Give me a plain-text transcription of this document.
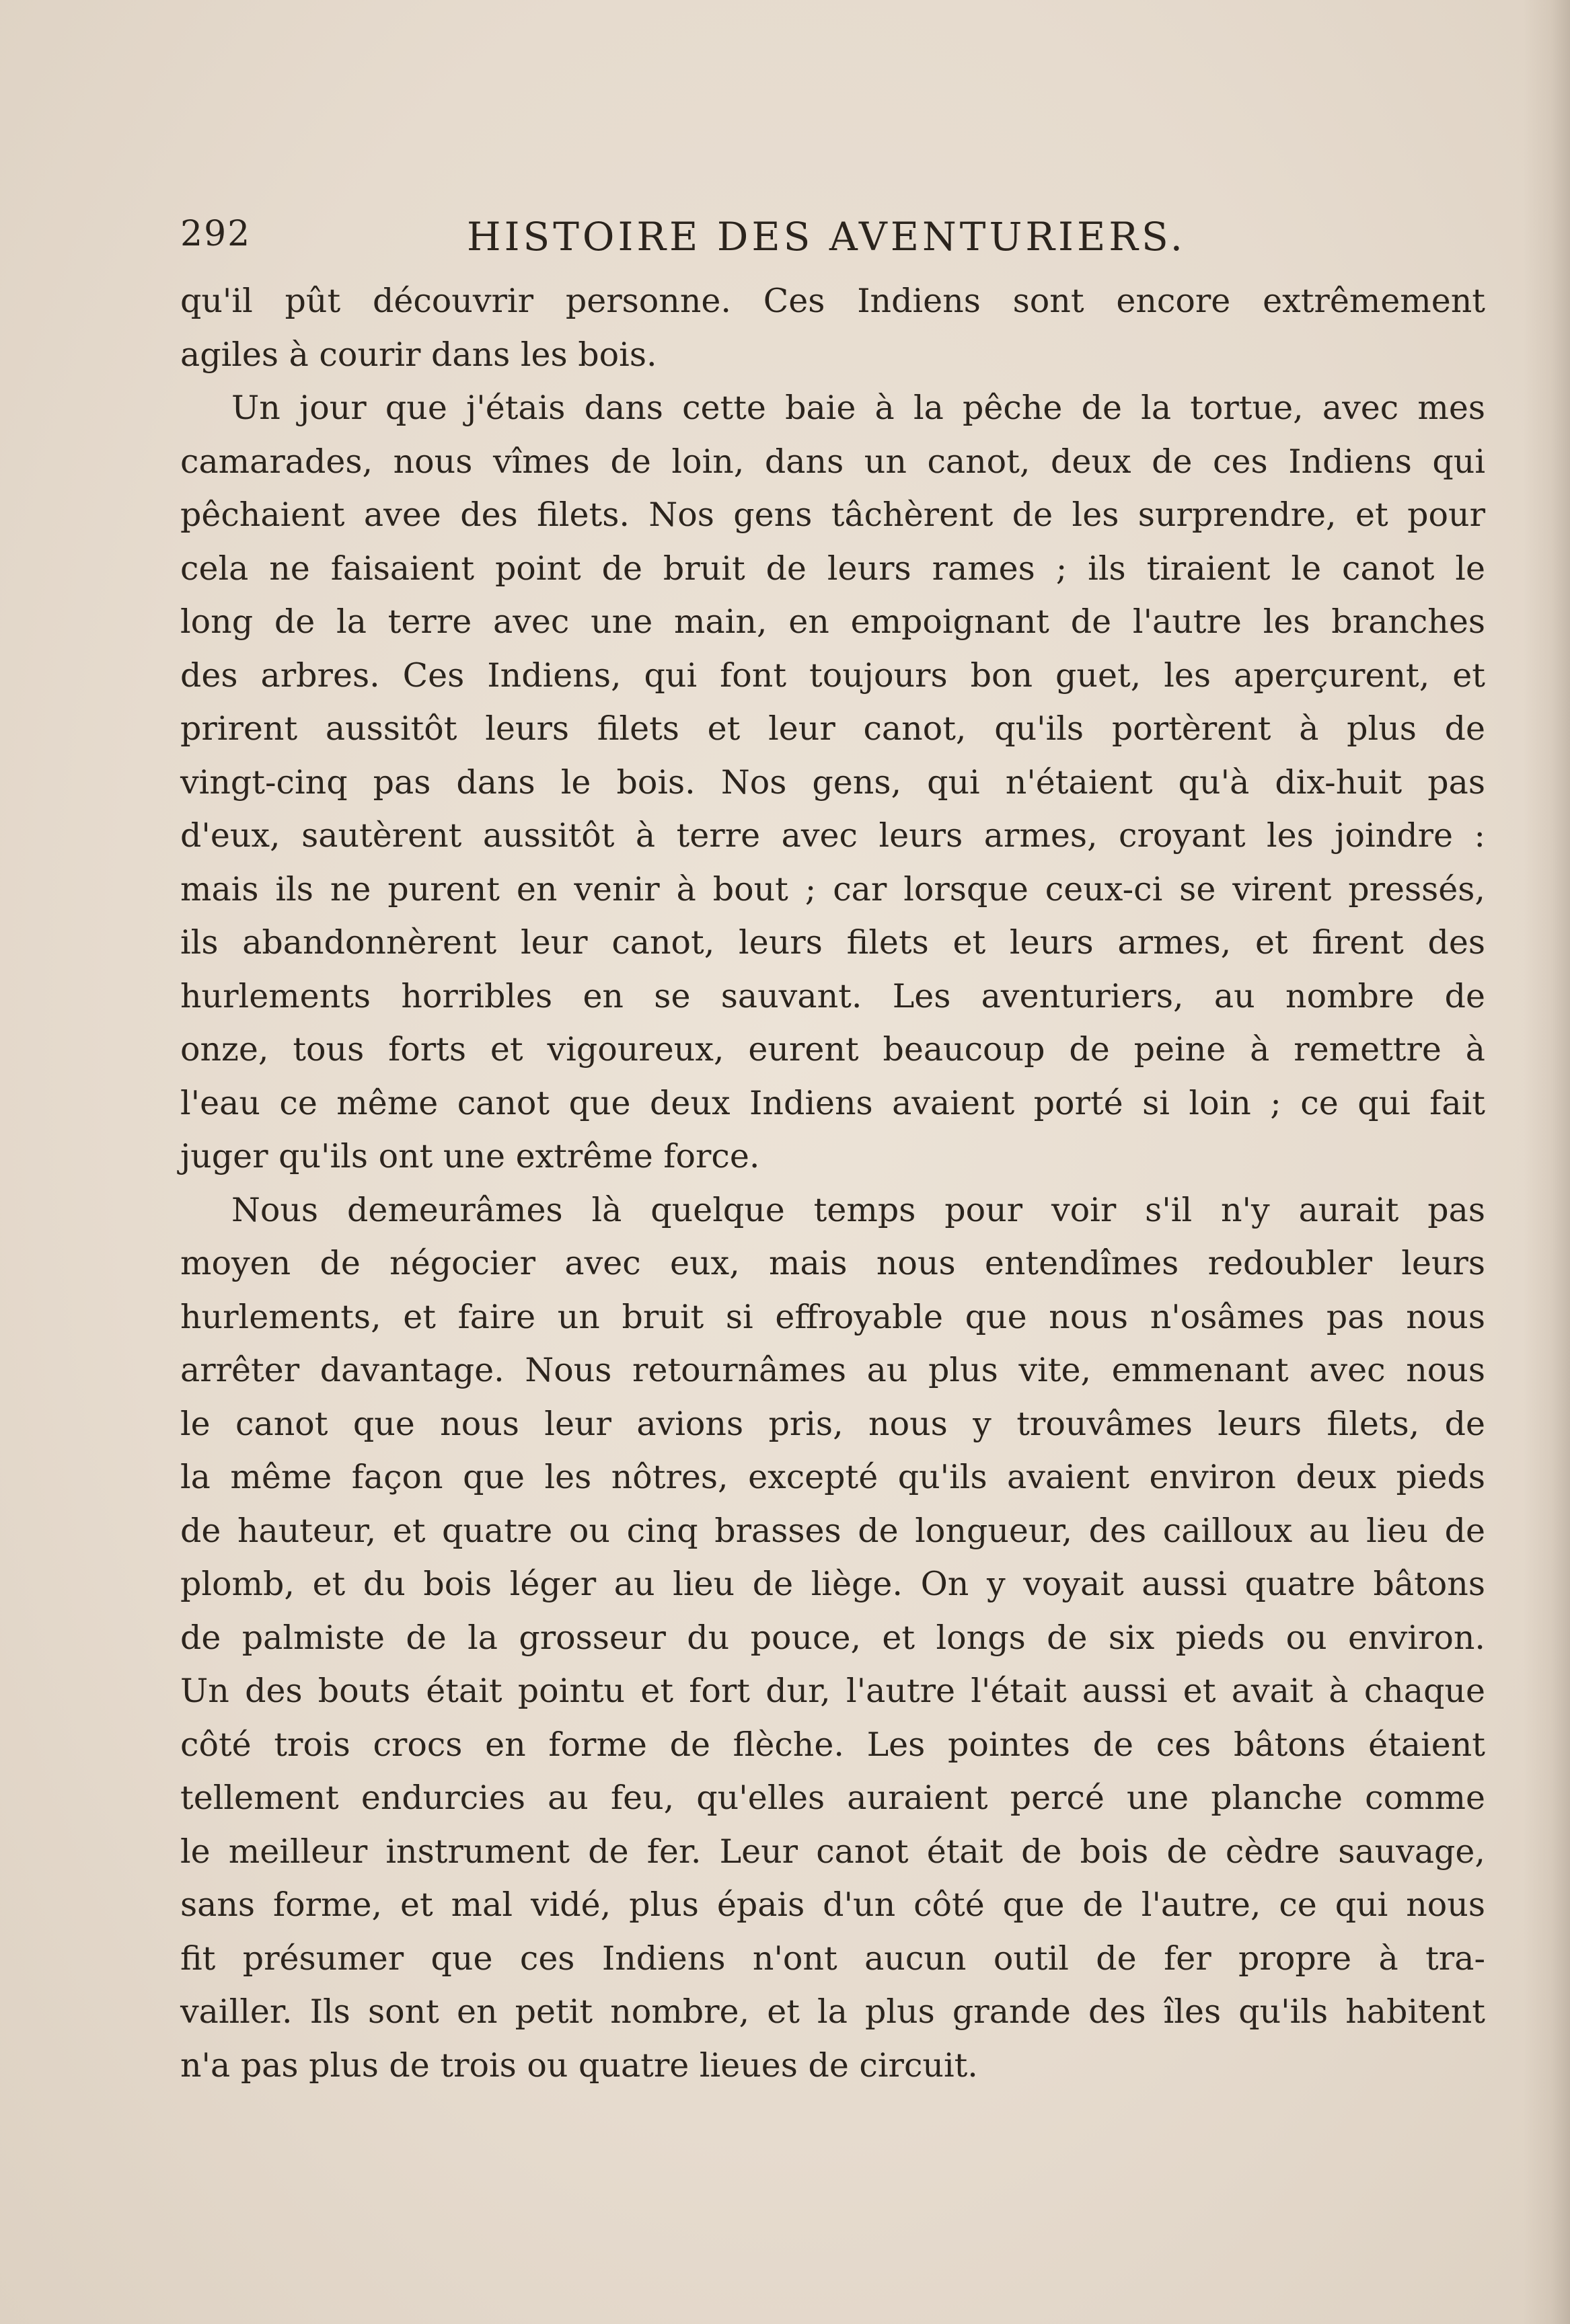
292	HISTOIRE DES AVENTURIERS.
qu'il pût découvrir personne. Ces Indiens sont encore extrêmement
agiles à courir dans les bois.
Un jour que j'étais dans cette baie à la pêche de la tortue, avec mes
camarades, nous vîmes de loin, dans un canot, deux de ces Indiens qui
pêchaient avee des filets. Nos gens tâchèrent de les surprendre, et pour
cela ne faisaient point de bruit de leurs rames ; ils tiraient le canot le
long de la terre avec une main, en empoignant de l'autre les branches
des arbres. Ces Indiens, qui font toujours bon guet, les aperçurent, et
prirent aussitôt leurs filets et leur canot, qu'ils portèrent à plus de
vingt-cinq pas dans le bois. Nos gens, qui n'étaient qu'à dix-huit pas
d'eux, sautèrent aussitôt à terre avec leurs armes, croyant les joindre :
mais ils ne purent en venir à bout ; car lorsque ceux-ci se virent pressés,
ils abandonnèrent leur canot, leurs filets et leurs armes, et firent des
hurlements horribles en se sauvant. Les aventuriers, au nombre de
onze, tous forts et vigoureux, eurent beaucoup de peine à remettre à
l'eau ce même canot que deux Indiens avaient porté si loin ; ce qui fait
juger qu'ils ont une extrême force.
Nous demeurâmes là quelque temps pour voir s'il n'y aurait pas
moyen de négocier avec eux, mais nous entendîmes redoubler leurs
hurlements, et faire un bruit si effroyable que nous n'osâmes pas nous
arrêter davantage. Nous retournâmes au plus vite, emmenant avec nous
le canot que nous leur avions pris, nous y trouvâmes leurs filets, de
la même façon que les nôtres, excepté qu'ils avaient environ deux pieds
de hauteur, et quatre ou cinq brasses de longueur, des cailloux au lieu de
plomb, et du bois léger au lieu de liège. On y voyait aussi quatre bâtons
de palmiste de la grosseur du pouce, et longs de six pieds ou environ.
Un des bouts était pointu et fort dur, l'autre l'était aussi et avait à chaque
côté trois crocs en forme de flèche. Les pointes de ces bâtons étaient
tellement endurcies au feu, qu'elles auraient percé une planche comme
le meilleur instrument de fer. Leur canot était de bois de cèdre sauvage,
sans forme, et mal vidé, plus épais d'un côté que de l'autre, ce qui nous
fit présumer que ces Indiens n'ont aucun outil de fer propre à tra-
vailler. Ils sont en petit nombre, et la plus grande des îles qu'ils habitent
n'a pas plus de trois ou quatre lieues de circuit.
